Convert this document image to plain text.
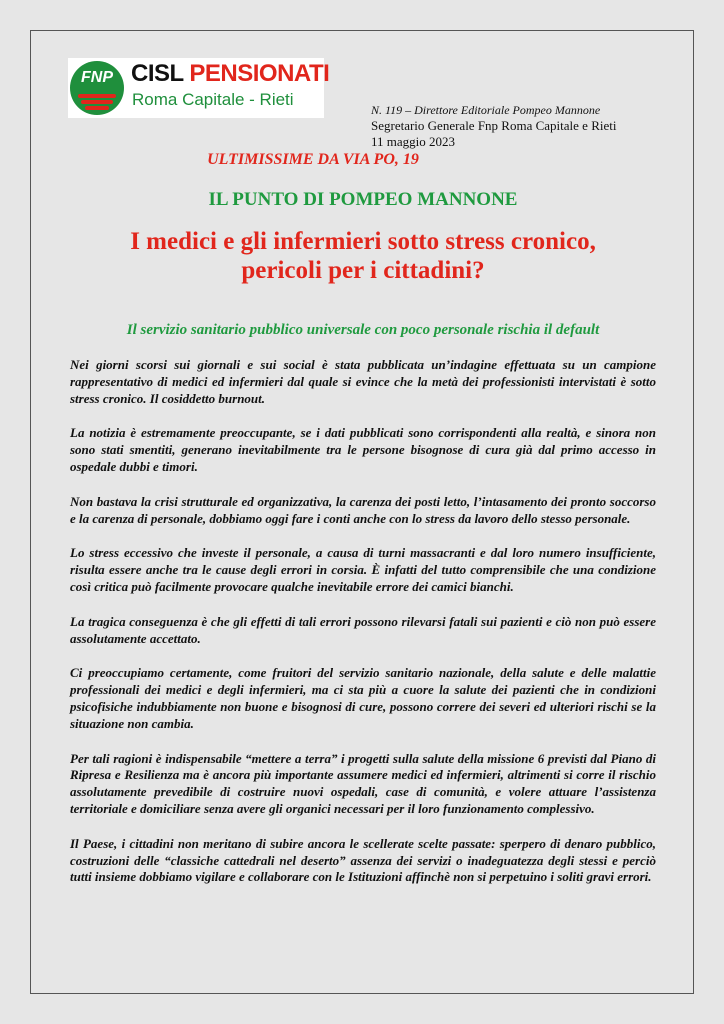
FNP CISL PENSIONATI
Roma Capitale - Rieti
N. 119 – Direttore Editoriale Pompeo Mannone
Segretario Generale Fnp Roma Capitale e Rieti
11 maggio 2023
ULTIMISSIME DA VIA PO, 19
IL PUNTO DI POMPEO MANNONE
I medici e gli infermieri sotto stress cronico,
pericoli per i cittadini?
Il servizio sanitario pubblico universale con poco personale rischia il default

Nei giorni scorsi sui giornali e sui social è stata pubblicata un’indagine effettuata su un campione rappresentativo di medici ed infermieri dal quale si evince che la metà dei professionisti intervistati è sotto stress cronico. Il cosiddetto burnout.

La notizia è estremamente preoccupante, se i dati pubblicati sono corrispondenti alla realtà, e sinora non sono stati smentiti, generano inevitabilmente tra le persone bisognose di cura già dal primo accesso in ospedale dubbi e timori.

Non bastava la crisi strutturale ed organizzativa, la carenza dei posti letto, l’intasamento dei pronto soccorso e la carenza di personale, dobbiamo oggi fare i conti anche con lo stress da lavoro dello stesso personale.

Lo stress eccessivo che investe il personale, a causa di turni massacranti e dal loro numero insufficiente, risulta essere anche tra le cause degli errori in corsia. È infatti del tutto comprensibile che una condizione così critica può facilmente provocare qualche inevitabile errore dei camici bianchi.

La tragica conseguenza è che gli effetti di tali errori possono rilevarsi fatali sui pazienti e ciò non può essere assolutamente accettato.

Ci preoccupiamo certamente, come fruitori del servizio sanitario nazionale, della salute e delle malattie professionali dei medici e degli infermieri, ma ci sta più a cuore la salute dei pazienti che in condizioni psicofisiche indubbiamente non buone e bisognosi di cure, possono correre dei severi ed ulteriori rischi se la situazione non cambia.

Per tali ragioni è indispensabile “mettere a terra” i progetti sulla salute della missione 6 previsti dal Piano di Ripresa e Resilienza ma è ancora più importante assumere medici ed infermieri, altrimenti si corre il rischio assolutamente prevedibile di costruire nuovi ospedali, case di comunità, e volere attuare l’assistenza territoriale e domiciliare senza avere gli organici necessari per il loro funzionamento complessivo.

Il Paese, i cittadini non meritano di subire ancora le scellerate scelte passate: sperpero di denaro pubblico, costruzioni delle “classiche cattedrali nel deserto” assenza dei servizi o inadeguatezza degli stessi e perciò tutti insieme dobbiamo vigilare e collaborare con le Istituzioni affinchè non si perpetuino i soliti gravi errori.
